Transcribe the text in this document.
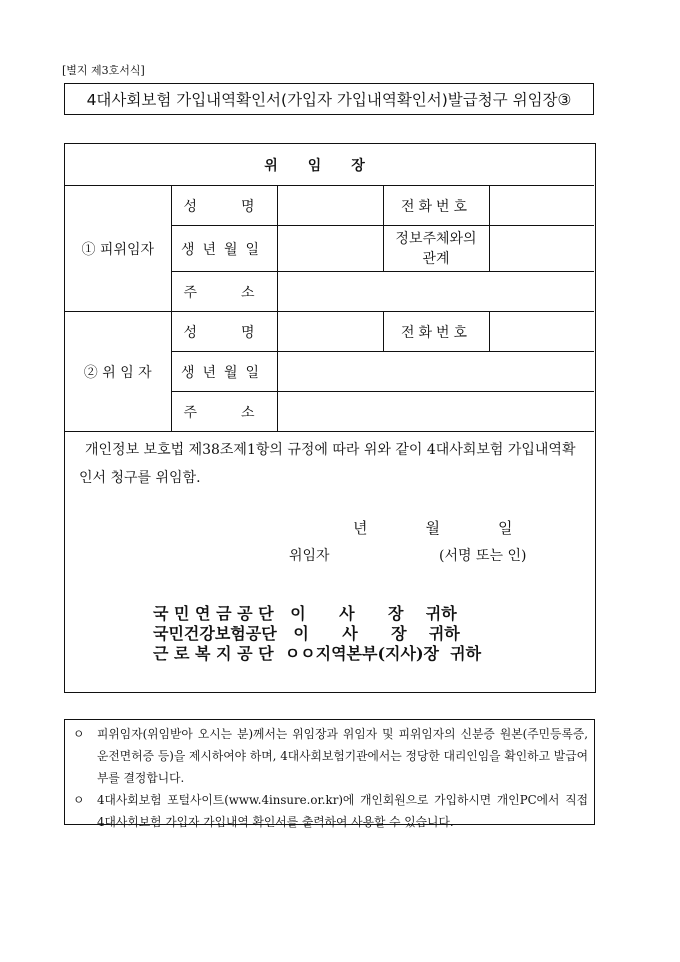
[별지 제3호서식]
4대사회보험 가입내역확인서(가입자 가입내역확인서)발급청구 위임장③
위임장				
① 피위임자	성 명		전화번호	
	생년월일		정보주체와의 관계	

	주 소			

② 위 임 자	성 명		전화번호	
	생년월일			

	주 소			

개인정보 보호법 제38조제1항의 규정에 따라 위와 같이 4대사회보험 가입내역확인서 청구를 위임함.
년	월	일
위임자	(서명 또는 인)
국 민 연 금 공 단   이      사      장    귀하
국민건강보험공단   이      사      장    귀하
근 로 복 지 공 단  ㅇㅇ지역본부(지사)장  귀하
ㅇ 피위임자(위임받아 오시는 분)께서는 위임장과 위임자 및 피위임자의 신분증 원본(주민등록증, 운전면허증 등)을 제시하여야 하며, 4대사회보험기관에서는 정당한 대리인임을 확인하고 발급여부를 결정합니다.
ㅇ 4대사회보험 포털사이트(www.4insure.or.kr)에 개인회원으로 가입하시면 개인PC에서 직접 4대사회보험 가입자 가입내역 확인서를 출력하여 사용할 수 있습니다.
